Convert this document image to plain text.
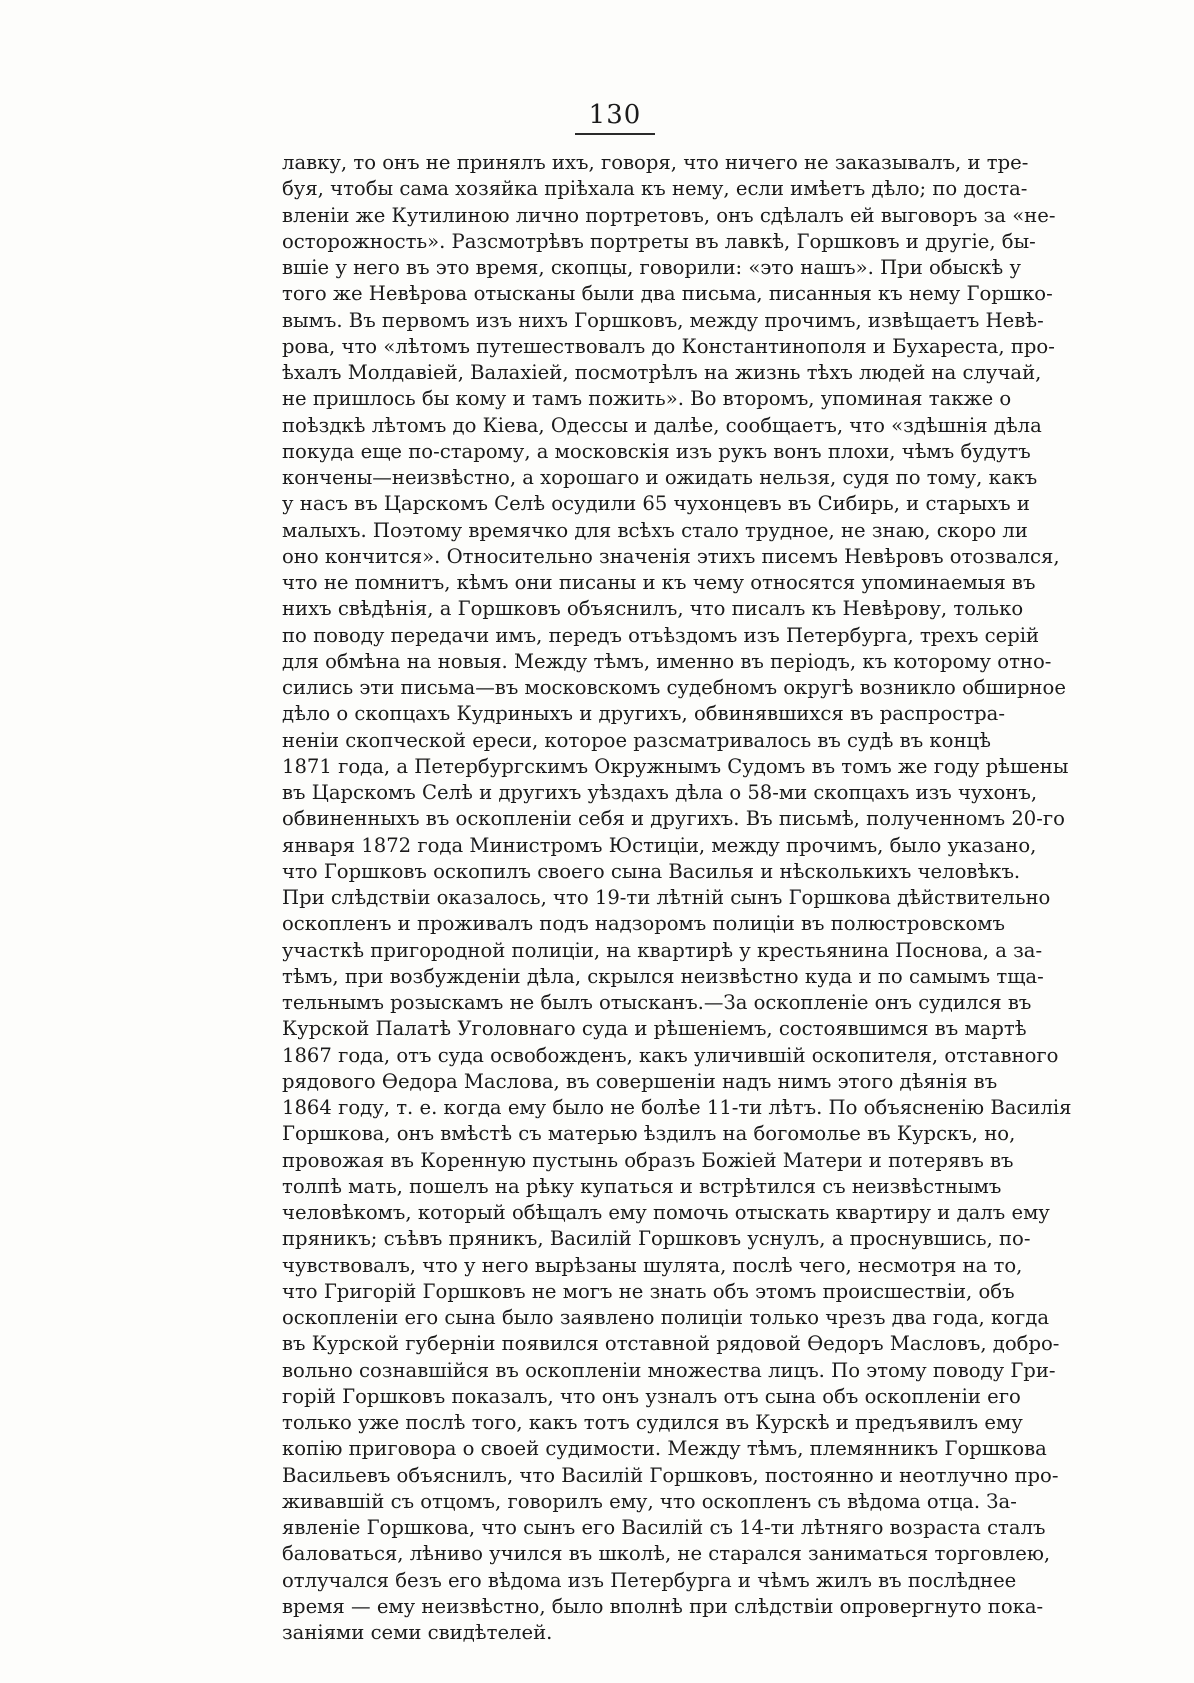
130
лавку, то онъ не принялъ ихъ, говоря, что ничего не заказывалъ, и тре-
буя, чтобы сама хозяйка пріѣхала къ нему, если имѣетъ дѣло; по доста-
вленіи же Кутилиною лично портретовъ, онъ сдѣлалъ ей выговоръ за «не-
осторожность». Разсмотрѣвъ портреты въ лавкѣ, Горшковъ и другіе, бы-
вшіе у него въ это время, скопцы, говорили: «это нашъ». При обыскѣ у
того же Невѣрова отысканы были два письма, писанныя къ нему Горшко-
вымъ. Въ первомъ изъ нихъ Горшковъ, между прочимъ, извѣщаетъ Невѣ-
рова, что «лѣтомъ путешествовалъ до Константинополя и Бухареста, про-
ѣхалъ Молдавіей, Валахіей, посмотрѣлъ на жизнь тѣхъ людей на случай,
не пришлось бы кому и тамъ пожить». Во второмъ, упоминая также о
поѣздкѣ лѣтомъ до Кіева, Одессы и далѣе, сообщаетъ, что «здѣшнія дѣла
покуда еще по-старому, а московскія изъ рукъ вонъ плохи, чѣмъ будутъ
кончены—неизвѣстно, а хорошаго и ожидать нельзя, судя по тому, какъ
у насъ въ Царскомъ Селѣ осудили 65 чухонцевъ въ Сибирь, и старыхъ и
малыхъ. Поэтому времячко для всѣхъ стало трудное, не знаю, скоро ли
оно кончится». Относительно значенія этихъ писемъ Невѣровъ отозвался,
что не помнитъ, кѣмъ они писаны и къ чему относятся упоминаемыя въ
нихъ свѣдѣнія, а Горшковъ объяснилъ, что писалъ къ Невѣрову, только
по поводу передачи имъ, передъ отъѣздомъ изъ Петербурга, трехъ серій
для обмѣна на новыя. Между тѣмъ, именно въ періодъ, къ которому отно-
сились эти письма—въ московскомъ судебномъ округѣ возникло обширное
дѣло о скопцахъ Кудриныхъ и другихъ, обвинявшихся въ распростра-
неніи скопческой ереси, которое разсматривалось въ судѣ въ концѣ
1871 года, а Петербургскимъ Окружнымъ Судомъ въ томъ же году рѣшены
въ Царскомъ Селѣ и другихъ уѣздахъ дѣла о 58-ми скопцахъ изъ чухонъ,
обвиненныхъ въ оскопленіи себя и другихъ. Въ письмѣ, полученномъ 20-го
января 1872 года Министромъ Юстиціи, между прочимъ, было указано,
что Горшковъ оскопилъ своего сына Василья и нѣсколькихъ человѣкъ.
При слѣдствіи оказалось, что 19-ти лѣтній сынъ Горшкова дѣйствительно
оскопленъ и проживалъ подъ надзоромъ полиціи въ полюстровскомъ
участкѣ пригородной полиціи, на квартирѣ у крестьянина Поснова, а за-
тѣмъ, при возбужденіи дѣла, скрылся неизвѣстно куда и по самымъ тща-
тельнымъ розыскамъ не былъ отысканъ.—За оскопленіе онъ судился въ
Курской Палатѣ Уголовнаго суда и рѣшеніемъ, состоявшимся въ мартѣ
1867 года, отъ суда освобожденъ, какъ уличившій оскопителя, отставного
рядового Ѳедора Маслова, въ совершеніи надъ нимъ этого дѣянія въ
1864 году, т. е. когда ему было не болѣе 11-ти лѣтъ. По объясненію Василія
Горшкова, онъ вмѣстѣ съ матерью ѣздилъ на богомолье въ Курскъ, но,
провожая въ Коренную пустынь образъ Божіей Матери и потерявъ въ
толпѣ мать, пошелъ на рѣку купаться и встрѣтился съ неизвѣстнымъ
человѣкомъ, который обѣщалъ ему помочь отыскать квартиру и далъ ему
пряникъ; съѣвъ пряникъ, Василій Горшковъ уснулъ, а проснувшись, по-
чувствовалъ, что у него вырѣзаны шулята, послѣ чего, несмотря на то,
что Григорій Горшковъ не могъ не знать объ этомъ происшествіи, объ
оскопленіи его сына было заявлено полиціи только чрезъ два года, когда
въ Курской губерніи появился отставной рядовой Ѳедоръ Масловъ, добро-
вольно сознавшійся въ оскопленіи множества лицъ. По этому поводу Гри-
горій Горшковъ показалъ, что онъ узналъ отъ сына объ оскопленіи его
только уже послѣ того, какъ тотъ судился въ Курскѣ и предъявилъ ему
копію приговора о своей судимости. Между тѣмъ, племянникъ Горшкова
Васильевъ объяснилъ, что Василій Горшковъ, постоянно и неотлучно про-
живавшій съ отцомъ, говорилъ ему, что оскопленъ съ вѣдома отца. За-
явленіе Горшкова, что сынъ его Василій съ 14-ти лѣтняго возраста сталъ
баловаться, лѣниво учился въ школѣ, не старался заниматься торговлею,
отлучался безъ его вѣдома изъ Петербурга и чѣмъ жилъ въ послѣднее
время — ему неизвѣстно, было вполнѣ при слѣдствіи опровергнуто пока-
заніями семи свидѣтелей.
